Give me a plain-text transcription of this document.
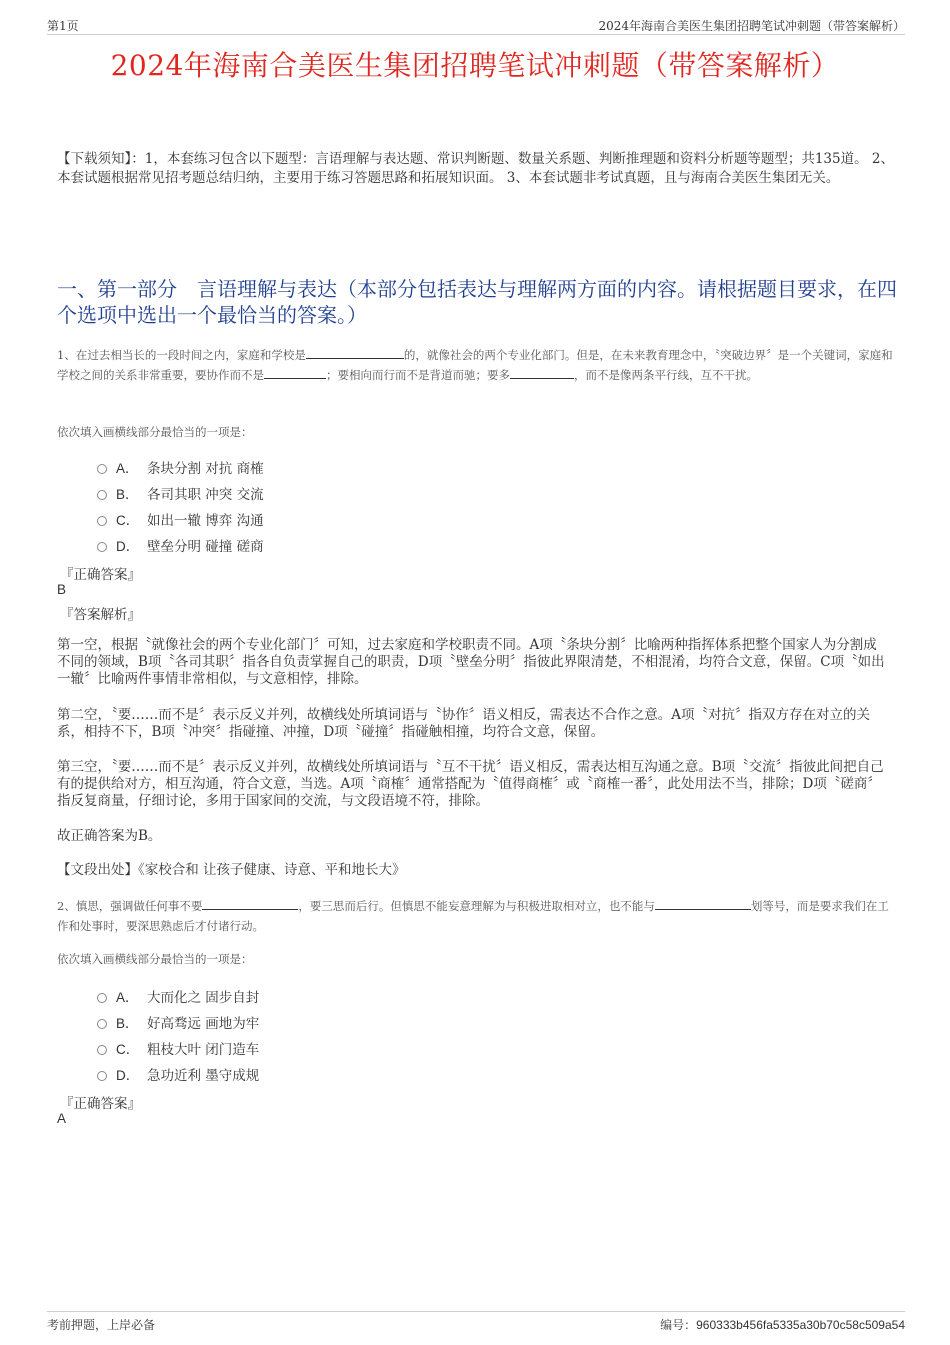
第1页	2024年海南合美医生集团招聘笔试冲刺题（带答案解析）
2024年海南合美医生集团招聘笔试冲刺题（带答案解析）
【下载须知】：1，本套练习包含以下题型：言语理解与表达题、常识判断题、数量关系题、判断推理题和资料分析题等题型；共135道。 2、本套试题根据常见招考题总结归纳，主要用于练习答题思路和拓展知识面。 3、本套试题非考试真题，且与海南合美医生集团无关。
一、第一部分　言语理解与表达（本部分包括表达与理解两方面的内容。请根据题目要求，在四个选项中选出一个最恰当的答案。）
1、在过去相当长的一段时间之内，家庭和学校是	的，就像社会的两个专业化部门。但是，在未来教育理念中，〝突破边界〞是一个关键词，家庭和学校之间的关系非常重要，要协作而不是	；要相向而行而不是背道而驰；要多	，而不是像两条平行线，互不干扰。
依次填入画横线部分最恰当的一项是：
A． 条块分割 对抗 商榷
B． 各司其职 冲突 交流
C． 如出一辙 博弈 沟通
D． 壁垒分明 碰撞 磋商
『正确答案』
B
『答案解析』
第一空，根据〝就像社会的两个专业化部门〞可知，过去家庭和学校职责不同。A项〝条块分割〞比喻两种指挥体系把整个国家人为分割成不同的领域，B项〝各司其职〞指各自负责掌握自己的职责，D项〝壁垒分明〞指彼此界限清楚，不相混淆，均符合文意，保留。C项〝如出一辙〞比喻两件事情非常相似，与文意相悖，排除。
第二空，〝要……而不是〞表示反义并列，故横线处所填词语与〝协作〞语义相反，需表达不合作之意。A项〝对抗〞指双方存在对立的关系，相持不下，B项〝冲突〞指碰撞、冲撞，D项〝碰撞〞指碰触相撞，均符合文意，保留。
第三空，〝要……而不是〞表示反义并列，故横线处所填词语与〝互不干扰〞语义相反，需表达相互沟通之意。B项〝交流〞指彼此间把自己有的提供给对方，相互沟通，符合文意，当选。A项〝商榷〞通常搭配为〝值得商榷〞或〝商榷一番〞，此处用法不当，排除；D项〝磋商〞指反复商量，仔细讨论，多用于国家间的交流，与文段语境不符，排除。
故正确答案为B。
【文段出处】《家校合和 让孩子健康、诗意、平和地长大》
2、慎思，强调做任何事不要	，要三思而后行。但慎思不能妄意理解为与积极进取相对立，也不能与	划等号，而是要求我们在工作和处事时，要深思熟虑后才付诸行动。
依次填入画横线部分最恰当的一项是：
A． 大而化之 固步自封
B． 好高骛远 画地为牢
C． 粗枝大叶 闭门造车
D． 急功近利 墨守成规
『正确答案』
A
考前押题，上岸必备	编号：960333b456fa5335a30b70c58c509a54
